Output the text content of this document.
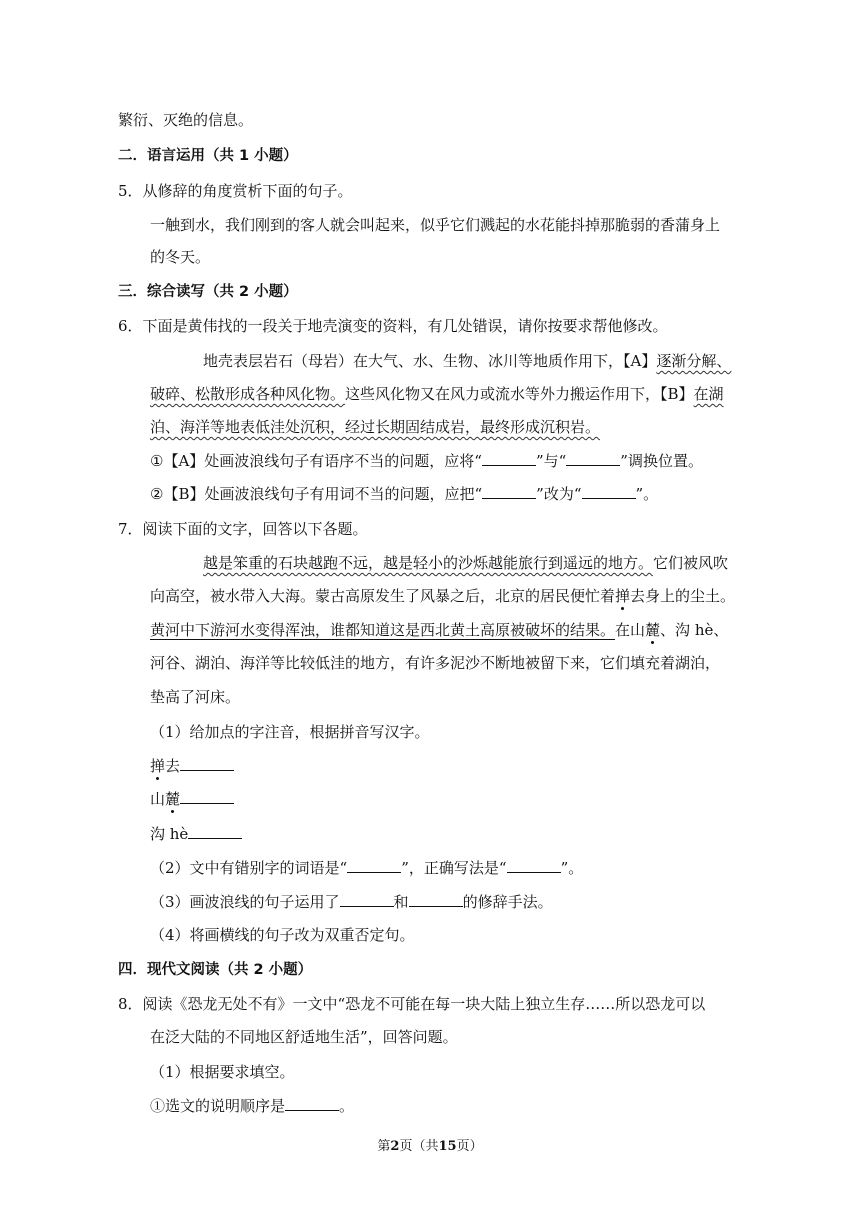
繁衍、灭绝的信息。
二．语言运用（共 1 小题）
5．从修辞的角度赏析下面的句子。
一触到水，我们刚到的客人就会叫起来，似乎它们溅起的水花能抖掉那脆弱的香蒲身上
的冬天。
三．综合读写（共 2 小题）
6．下面是黄伟找的一段关于地壳演变的资料，有几处错误，请你按要求帮他修改。
地壳表层岩石（母岩）在大气、水、生物、冰川等地质作用下，【A】逐渐分解、
破碎、松散形成各种风化物。这些风化物又在风力或流水等外力搬运作用下，【B】在湖
泊、海洋等地表低洼处沉积，经过长期固结成岩，最终形成沉积岩。
①【A】处画波浪线句子有语序不当的问题，应将“	”与“	”调换位置。
②【B】处画波浪线句子有用词不当的问题，应把“	”改为“	”。
7．阅读下面的文字，回答以下各题。
越是笨重的石块越跑不远，越是轻小的沙烁越能旅行到遥远的地方。它们被风吹
向高空，被水带入大海。蒙古高原发生了风暴之后，北京的居民便忙着掸去身上的尘土。
黄河中下游河水变得浑浊，谁都知道这是西北黄土高原被破坏的结果。在山麓、沟 hè、
河谷、湖泊、海洋等比较低洼的地方，有许多泥沙不断地被留下来，它们填充着湖泊，
垫高了河床。
（1）给加点的字注音，根据拼音写汉字。
掸去
山麓
沟 hè
（2）文中有错别字的词语是“	”，正确写法是“	”。
（3）画波浪线的句子运用了	和	的修辞手法。
（4）将画横线的句子改为双重否定句。
四．现代文阅读（共 2 小题）
8．阅读《恐龙无处不有》一文中“恐龙不可能在每一块大陆上独立生存……所以恐龙可以
在泛大陆的不同地区舒适地生活”，回答问题。
（1）根据要求填空。
①选文的说明顺序是	。
第2页（共15页）
